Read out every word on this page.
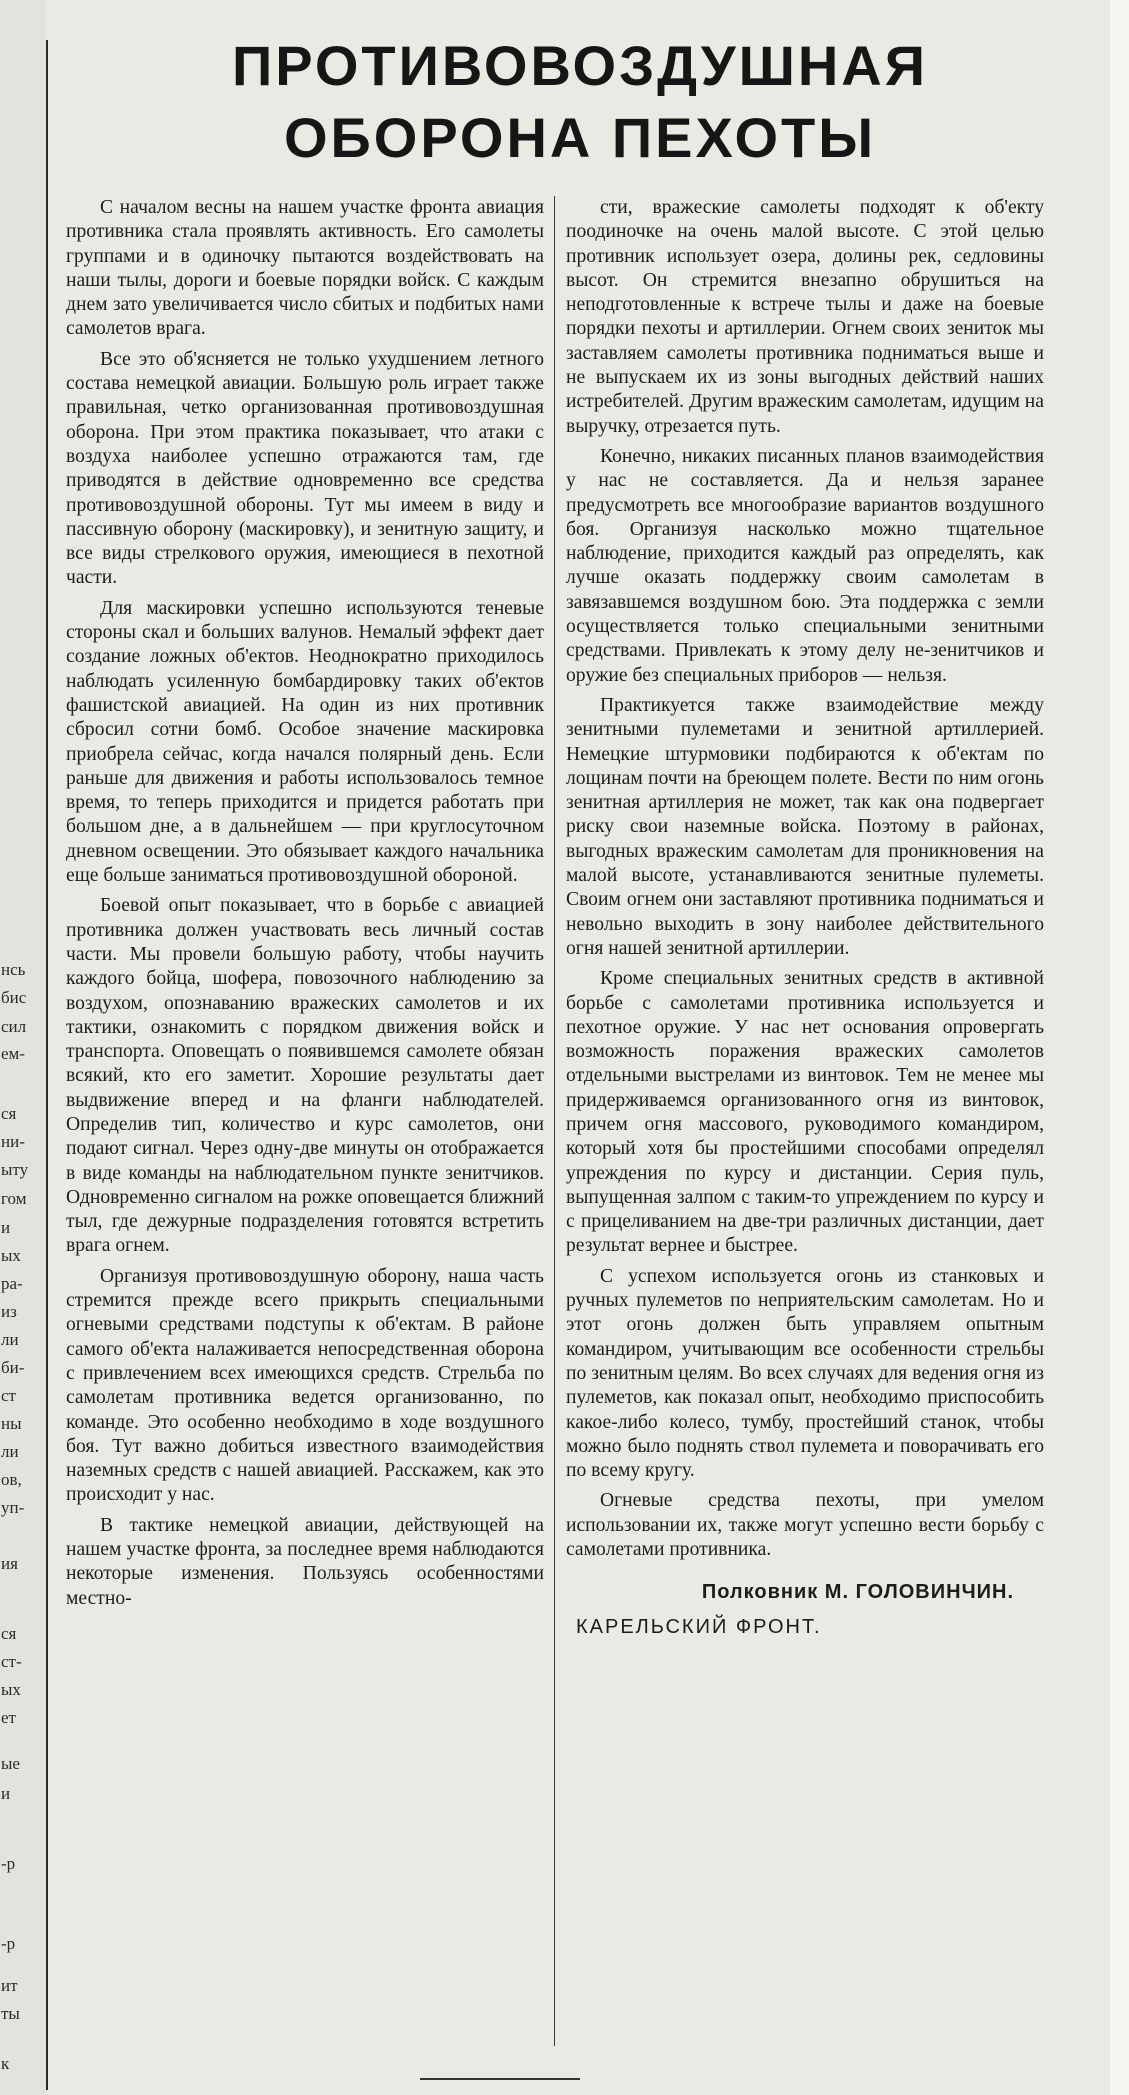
нсь
бис
сил
ем-
ся
ни-
ыту
гом
и
ых
ра-
из
ли
би-
ст
ны
ли
ов,
уп-
ия
ся
ст-
ых
ет
ые
и
-р
-р
ит
ты
к
ПРОТИВОВОЗДУШНАЯ
ОБОРОНА ПЕХОТЫ

С началом весны на нашем участке фронта авиация противника стала проявлять активность. Его самолеты группами и в одиночку пытаются воздействовать на наши тылы, дороги и боевые порядки войск. С каждым днем зато увеличивается число сбитых и подбитых нами самолетов врага.

Все это об'ясняется не только ухудшением летного состава немецкой авиации. Большую роль играет также правильная, четко организованная противовоздушная оборона. При этом практика показывает, что атаки с воздуха наиболее успешно отражаются там, где приводятся в действие одновременно все средства противовоздушной обороны. Тут мы имеем в виду и пассивную оборону (маскировку), и зенитную защиту, и все виды стрелкового оружия, имеющиеся в пехотной части.

Для маскировки успешно используются теневые стороны скал и больших валунов. Немалый эффект дает создание ложных об'ектов. Неоднократно приходилось наблюдать усиленную бомбардировку таких об'ектов фашистской авиацией. На один из них противник сбросил сотни бомб. Особое значение маскировка приобрела сейчас, когда начался полярный день. Если раньше для движения и работы использовалось темное время, то теперь приходится и придется работать при большом дне, а в дальнейшем — при круглосуточном дневном освещении. Это обязывает каждого начальника еще больше заниматься противовоздушной обороной.

Боевой опыт показывает, что в борьбе с авиацией противника должен участвовать весь личный состав части. Мы провели большую работу, чтобы научить каждого бойца, шофера, повозочного наблюдению за воздухом, опознаванию вражеских самолетов и их тактики, ознакомить с порядком движения войск и транспорта. Оповещать о появившемся самолете обязан всякий, кто его заметит. Хорошие результаты дает выдвижение вперед и на фланги наблюдателей. Определив тип, количество и курс самолетов, они подают сигнал. Через одну-две минуты он отображается в виде команды на наблюдательном пункте зенитчиков. Одновременно сигналом на рожке оповещается ближний тыл, где дежурные подразделения готовятся встретить врага огнем.

Организуя противовоздушную оборону, наша часть стремится прежде всего прикрыть специальными огневыми средствами подступы к об'ектам. В районе самого об'екта налаживается непосредственная оборона с привлечением всех имеющихся средств. Стрельба по самолетам противника ведется организованно, по команде. Это особенно необходимо в ходе воздушного боя. Тут важно добиться известного взаимодействия наземных средств с нашей авиацией. Расскажем, как это происходит у нас.

В тактике немецкой авиации, действующей на нашем участке фронта, за последнее время наблюдаются некоторые изменения. Пользуясь особенностями местно-

сти, вражеские самолеты подходят к об'екту поодиночке на очень малой высоте. С этой целью противник использует озера, долины рек, седловины высот. Он стремится внезапно обрушиться на неподготовленные к встрече тылы и даже на боевые порядки пехоты и артиллерии. Огнем своих зениток мы заставляем самолеты противника подниматься выше и не выпускаем их из зоны выгодных действий наших истребителей. Другим вражеским самолетам, идущим на выручку, отрезается путь.

Конечно, никаких писанных планов взаимодействия у нас не составляется. Да и нельзя заранее предусмотреть все многообразие вариантов воздушного боя. Организуя насколько можно тщательное наблюдение, приходится каждый раз определять, как лучше оказать поддержку своим самолетам в завязавшемся воздушном бою. Эта поддержка с земли осуществляется только специальными зенитными средствами. Привлекать к этому делу не-зенитчиков и оружие без специальных приборов — нельзя.

Практикуется также взаимодействие между зенитными пулеметами и зенитной артиллерией. Немецкие штурмовики подбираются к об'ектам по лощинам почти на бреющем полете. Вести по ним огонь зенитная артиллерия не может, так как она подвергает риску свои наземные войска. Поэтому в районах, выгодных вражеским самолетам для проникновения на малой высоте, устанавливаются зенитные пулеметы. Своим огнем они заставляют противника подниматься и невольно выходить в зону наиболее действительного огня нашей зенитной артиллерии.

Кроме специальных зенитных средств в активной борьбе с самолетами противника используется и пехотное оружие. У нас нет основания опровергать возможность поражения вражеских самолетов отдельными выстрелами из винтовок. Тем не менее мы придерживаемся организованного огня из винтовок, причем огня массового, руководимого командиром, который хотя бы простейшими способами определял упреждения по курсу и дистанции. Серия пуль, выпущенная залпом с таким-то упреждением по курсу и с прицеливанием на две-три различных дистанции, дает результат вернее и быстрее.

С успехом используется огонь из станковых и ручных пулеметов по неприятельским самолетам. Но и этот огонь должен быть управляем опытным командиром, учитывающим все особенности стрельбы по зенитным целям. Во всех случаях для ведения огня из пулеметов, как показал опыт, необходимо приспособить какое-либо колесо, тумбу, простейший станок, чтобы можно было поднять ствол пулемета и поворачивать его по всему кругу.

Огневые средства пехоты, при умелом использовании их, также могут успешно вести борьбу с самолетами противника.

Полковник М. ГОЛОВИНЧИН.
КАРЕЛЬСКИЙ ФРОНТ.
